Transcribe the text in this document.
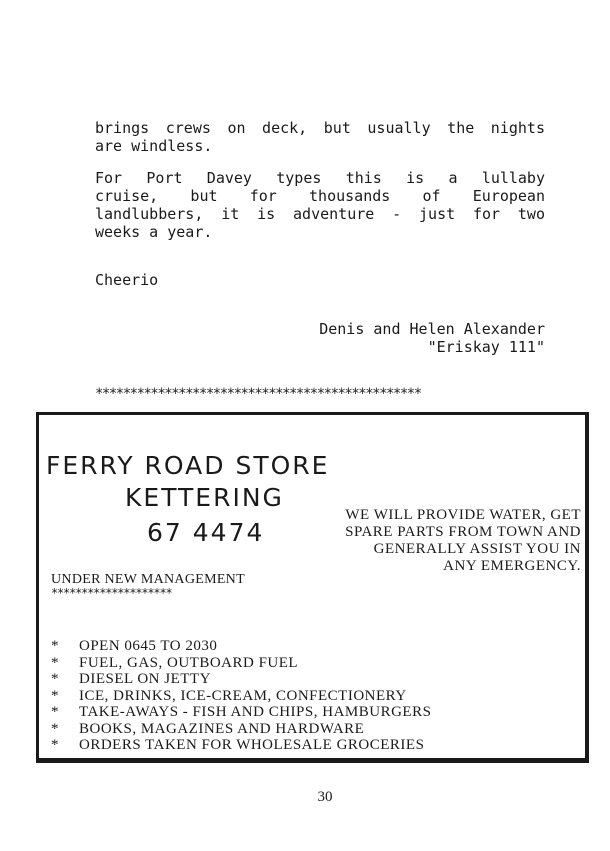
brings crews on deck, but usually the nights
are windless.
For Port Davey types this is a lullaby
cruise, but for thousands of European
landlubbers, it is adventure - just for two
weeks a year.
Cheerio
Denis and Helen Alexander
"Eriskay 111"
***********************************************
FERRY ROAD STORE
KETTERING
67 4474
WE WILL PROVIDE WATER, GET
SPARE PARTS FROM TOWN AND
GENERALLY ASSIST YOU IN
ANY EMERGENCY.
UNDER NEW MANAGEMENT
********************
* OPEN 0645 TO 2030
* FUEL, GAS, OUTBOARD FUEL
* DIESEL ON JETTY
* ICE, DRINKS, ICE-CREAM, CONFECTIONERY
* TAKE-AWAYS - FISH AND CHIPS, HAMBURGERS
* BOOKS, MAGAZINES AND HARDWARE
* ORDERS TAKEN FOR WHOLESALE GROCERIES
30
